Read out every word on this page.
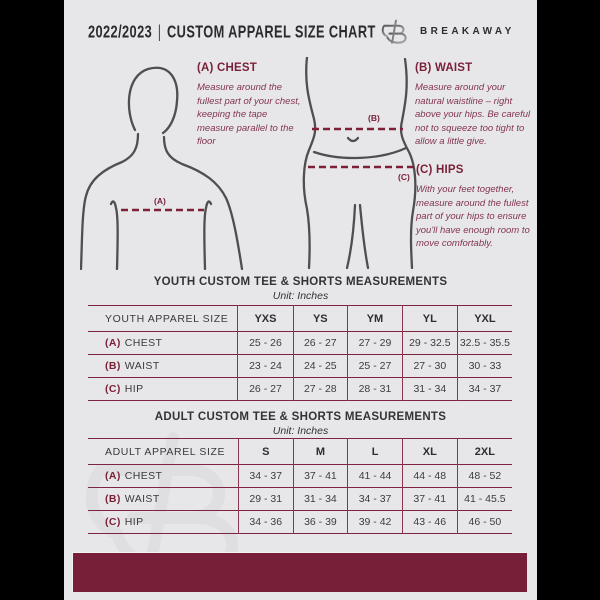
2022/2023 | CUSTOM APPAREL SIZE CHART	BREAKAWAY
(A)
(B)
(C)
(A) CHEST

Measure around the fullest part of your chest, keeping the tape measure parallel to the floor

(B) WAIST

Measure around your natural waistline – right above your hips. Be careful not to squeeze too tight to allow a little give.

(C) HIPS

With your feet together, measure around the fullest part of your hips to ensure you'll have enough room to move comfortably.

YOUTH CUSTOM TEE & SHORTS MEASUREMENTS
Unit: Inches
YOUTH APPAREL SIZE	YXS	YS	YM	YL	YXL
(A) CHEST	25 - 26	26 - 27	27 - 29	29 - 32.5	32.5 - 35.5
(B) WAIST	23 - 24	24 - 25	25 - 27	27 - 30	30 - 33
(C) HIP	26 - 27	27 - 28	28 - 31	31 - 34	34 - 37
ADULT CUSTOM TEE & SHORTS MEASUREMENTS
Unit: Inches
ADULT APPAREL SIZE	S	M	L	XL	2XL
(A) CHEST	34 - 37	37 - 41	41 - 44	44 - 48	48 - 52
(B) WAIST	29 - 31	31 - 34	34 - 37	37 - 41	41 - 45.5
(C) HIP	34 - 36	36 - 39	39 - 42	43 - 46	46 - 50
